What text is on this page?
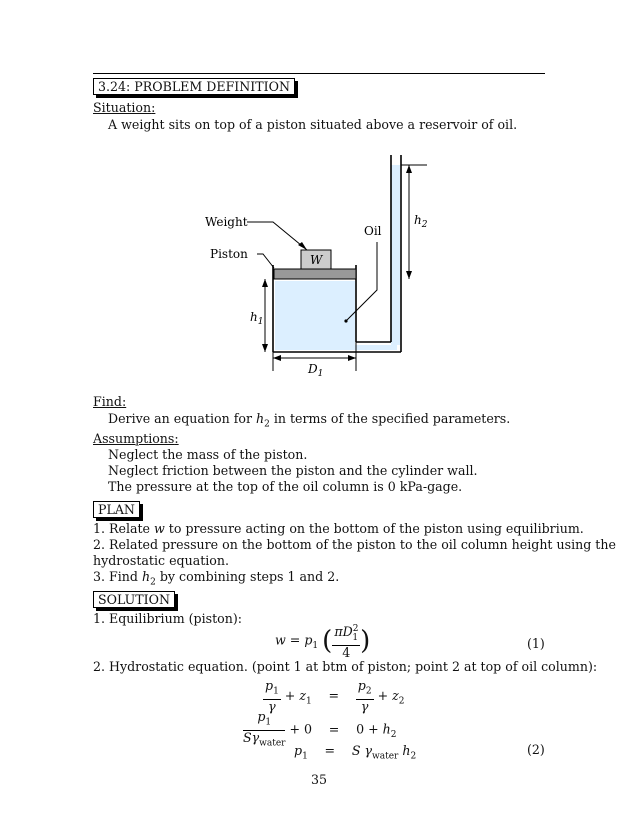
3.24: PROBLEM DEFINITION
Situation:
A weight sits on top of a piston situated above a reservoir of oil.
W
Weight
Piston
Oil
$h_1$
$h_2$
$D_1$
Find:
Derive an equation for $h_2$ in terms of the specified parameters.
Assumptions:
Neglect the mass of the piston.
Neglect friction between the piston and the cylinder wall.
The pressure at the top of the oil column is 0 kPa-gage.
PLAN
1. Relate w to pressure acting on the bottom of the piston using equilibrium.
2. Related pressure on the bottom of the piston to the oil column height using the
hydrostatic equation.
3. Find $h_2$ by combining steps 1 and 2.
SOLUTION
1. Equilibrium (piston):
$w = p_1$ ( $\frac{\pi D^2_1}{4}$ )	(1)
2. Hydrostatic equation. (point 1 at btm of piston; point 2 at top of oil column):
$\frac{p_1}{\gamma} + z_1 = \frac{p_2}{\gamma} + z_2$
$\frac{p_1}{S\gamma_{water}} + 0 = 0 + h_2$
$p_1 = S$ $\gamma_{water}$ $h_2$	(2)
35
